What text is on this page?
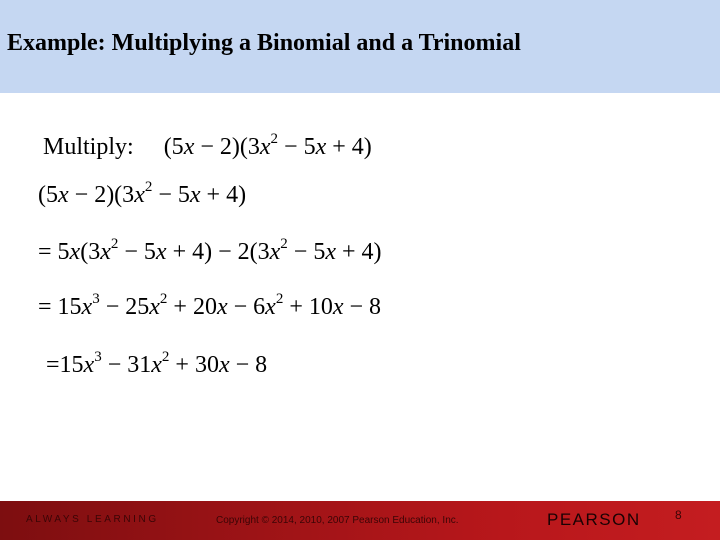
Example: Multiplying a Binomial and a Trinomial
Multiply: $(5x - 2)(3x^2 - 5x + 4)$
$(5x - 2)(3x^2 - 5x + 4)$
= $5x(3x^2 - 5x + 4) - 2(3x^2 - 5x + 4)$
= $15x^3 - 25x^2 + 20x - 6x^2 + 10x - 8$
$=15x^3 - 31x^2 + 30x - 8$
ALWAYS LEARNING	Copyright © 2014, 2010, 2007 Pearson Education, Inc.	PEARSON	8
